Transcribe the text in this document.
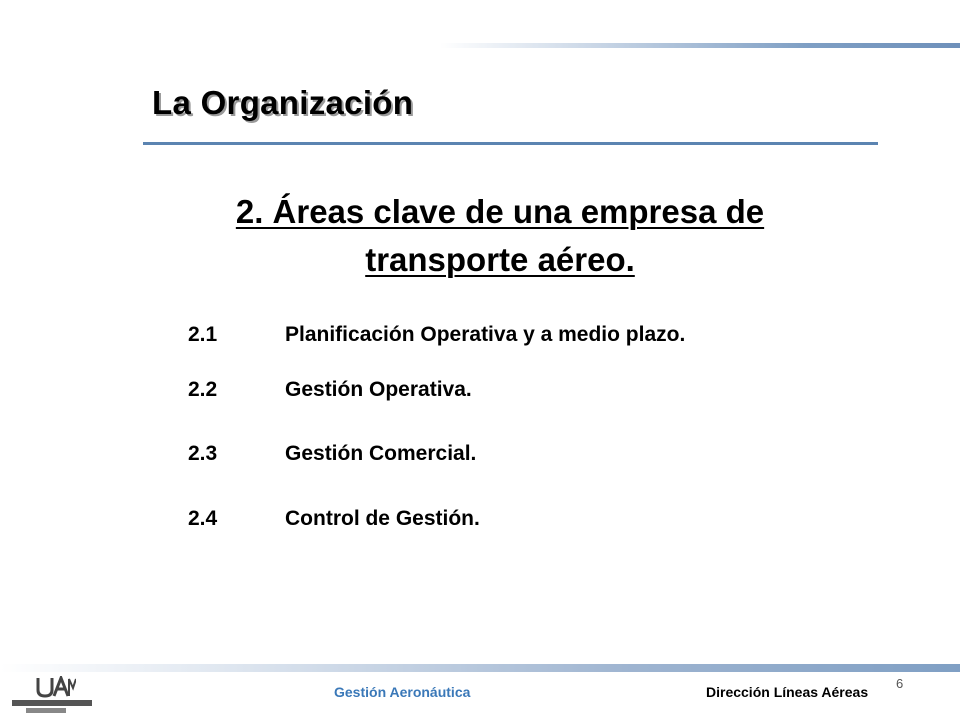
La Organización
2. Áreas clave de una empresa de
transporte aéreo.
2.1	Planificación Operativa y a medio plazo.
2.2	Gestión Operativa.
2.3	Gestión Comercial.
2.4	Control de Gestión.
Gestión Aeronáutica	Dirección Líneas Aéreas
6
